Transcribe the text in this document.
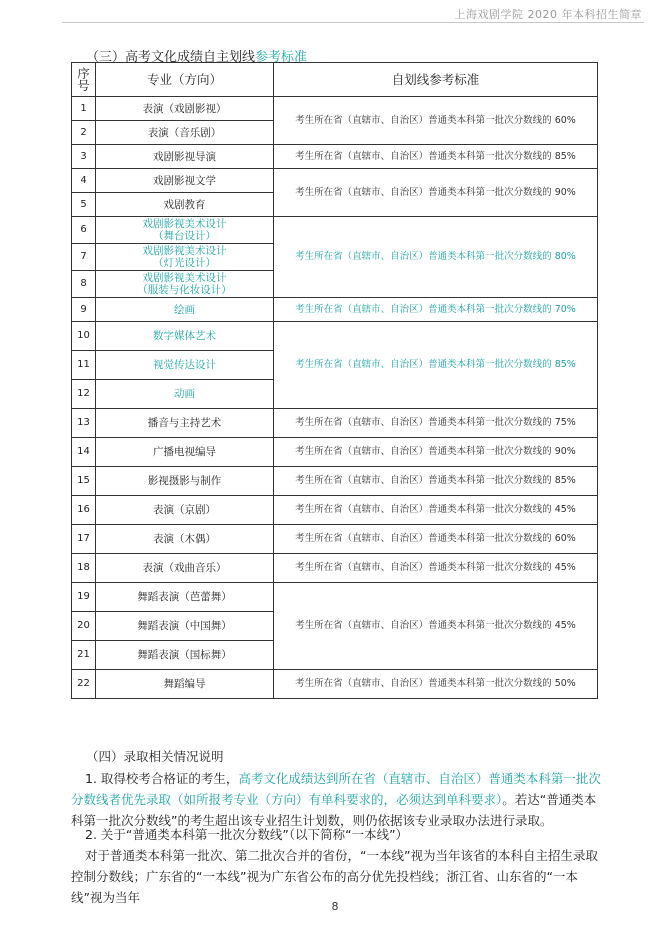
上海戏剧学院 2020 年本科招生简章
（三）高考文化成绩自主划线参考标准
序号	专业（方向）	自划线参考标准
1	表演（戏剧影视）	考生所在省（直辖市、自治区）普通类本科第一批次分数线的 60%
2	表演（音乐剧）	
3	戏剧影视导演	考生所在省（直辖市、自治区）普通类本科第一批次分数线的 85%
4	戏剧影视文学	考生所在省（直辖市、自治区）普通类本科第一批次分数线的 90%
5	戏剧教育	
6	戏剧影视美术设计
（舞台设计）	考生所在省（直辖市、自治区）普通类本科第一批次分数线的 80%
7	戏剧影视美术设计
（灯光设计）	
8	戏剧影视美术设计
（服装与化妆设计）	
9	绘画	考生所在省（直辖市、自治区）普通类本科第一批次分数线的 70%
10	数字媒体艺术	考生所在省（直辖市、自治区）普通类本科第一批次分数线的 85%
11	视觉传达设计	
12	动画	
13	播音与主持艺术	考生所在省（直辖市、自治区）普通类本科第一批次分数线的 75%
14	广播电视编导	考生所在省（直辖市、自治区）普通类本科第一批次分数线的 90%
15	影视摄影与制作	考生所在省（直辖市、自治区）普通类本科第一批次分数线的 85%
16	表演（京剧）	考生所在省（直辖市、自治区）普通类本科第一批次分数线的 45%
17	表演（木偶）	考生所在省（直辖市、自治区）普通类本科第一批次分数线的 60%
18	表演（戏曲音乐）	考生所在省（直辖市、自治区）普通类本科第一批次分数线的 45%
19	舞蹈表演（芭蕾舞）	考生所在省（直辖市、自治区）普通类本科第一批次分数线的 45%
20	舞蹈表演（中国舞）	
21	舞蹈表演（国标舞）	
22	舞蹈编导	考生所在省（直辖市、自治区）普通类本科第一批次分数线的 50%
（四）录取相关情况说明
1. 取得校考合格证的考生，高考文化成绩达到所在省（直辖市、自治区）普通类本科第一批次分数线者优先录取（如所报考专业（方向）有单科要求的，必须达到单科要求）。若达“普通类本科第一批次分数线”的考生超出该专业招生计划数，则仍依据该专业录取办法进行录取。
2. 关于“普通类本科第一批次分数线”（以下简称“一本线”）
对于普通类本科第一批次、第二批次合并的省份，“一本线”视为当年该省的本科自主招生录取控制分数线；广东省的“一本线”视为广东省公布的高分优先投档线；浙江省、山东省的“一本线”视为当年
8
